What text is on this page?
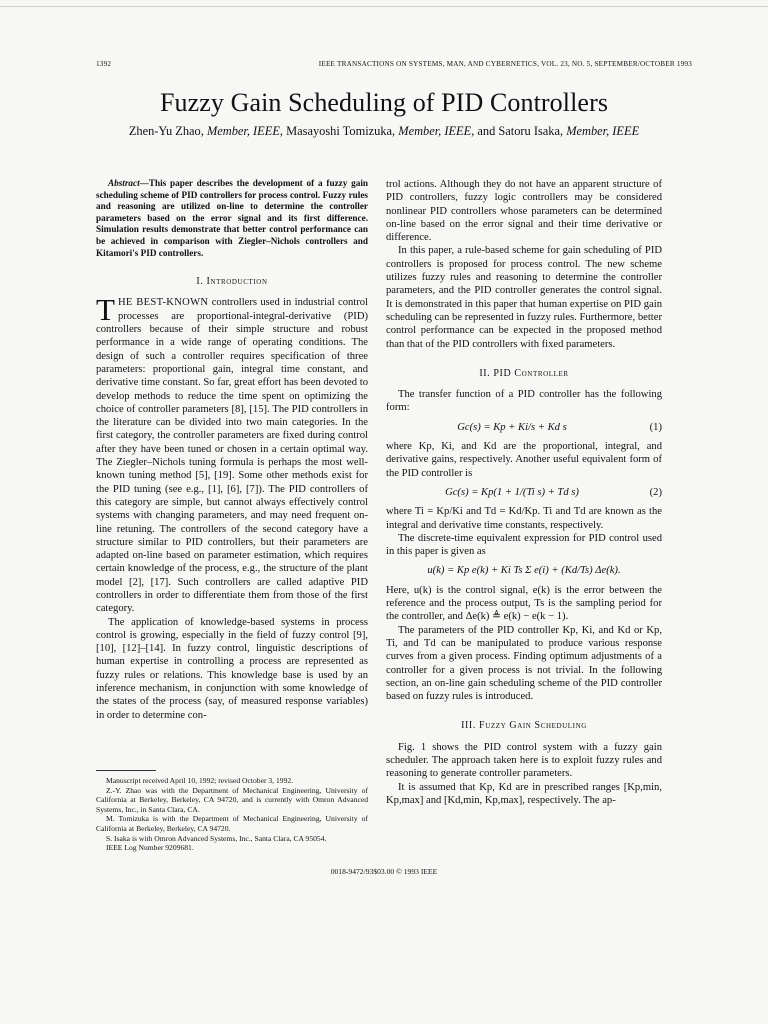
1392	IEEE TRANSACTIONS ON SYSTEMS, MAN, AND CYBERNETICS, VOL. 23, NO. 5, SEPTEMBER/OCTOBER 1993
Fuzzy Gain Scheduling of PID Controllers
Zhen-Yu Zhao, Member, IEEE, Masayoshi Tomizuka, Member, IEEE, and Satoru Isaka, Member, IEEE

Abstract—This paper describes the development of a fuzzy gain scheduling scheme of PID controllers for process control. Fuzzy rules and reasoning are utilized on-line to determine the controller parameters based on the error signal and its first difference. Simulation results demonstrate that better control performance can be achieved in comparison with Ziegler–Nichols controllers and Kitamori's PID controllers.

I. Introduction

THE BEST-KNOWN controllers used in industrial control processes are proportional-integral-derivative (PID) controllers because of their simple structure and robust performance in a wide range of operating conditions. The design of such a controller requires specification of three parameters: proportional gain, integral time constant, and derivative time constant. So far, great effort has been devoted to develop methods to reduce the time spent on optimizing the choice of controller parameters [8], [15]. The PID controllers in the literature can be divided into two main categories. In the first category, the controller parameters are fixed during control after they have been tuned or chosen in a certain optimal way. The Ziegler–Nichols tuning formula is perhaps the most well-known tuning method [5], [19]. Some other methods exist for the PID tuning (see e.g., [1], [6], [7]). The PID controllers of this category are simple, but cannot always effectively control systems with changing parameters, and may need frequent on-line retuning. The controllers of the second category have a structure similar to PID controllers, but their parameters are adapted on-line based on parameter estimation, which requires certain knowledge of the process, e.g., the structure of the plant model [2], [17]. Such controllers are called adaptive PID controllers in order to differentiate them from those of the first category.

The application of knowledge-based systems in process control is growing, especially in the field of fuzzy control [9], [10], [12]–[14]. In fuzzy control, linguistic descriptions of human expertise in controlling a process are represented as fuzzy rules or relations. This knowledge base is used by an inference mechanism, in conjunction with some knowledge of the states of the process (say, of measured response variables) in order to determine con-

trol actions. Although they do not have an apparent structure of PID controllers, fuzzy logic controllers may be considered nonlinear PID controllers whose parameters can be determined on-line based on the error signal and their time derivative or difference.

In this paper, a rule-based scheme for gain scheduling of PID controllers is proposed for process control. The new scheme utilizes fuzzy rules and reasoning to determine the controller parameters, and the PID controller generates the control signal. It is demonstrated in this paper that human expertise on PID gain scheduling can be represented in fuzzy rules. Furthermore, better control performance can be expected in the proposed method than that of the PID controllers with fixed parameters.

II. PID Controller

The transfer function of a PID controller has the following form:

Gc(s) = Kp + Ki/s + Kd s	(1)

where Kp, Ki, and Kd are the proportional, integral, and derivative gains, respectively. Another useful equivalent form of the PID controller is

Gc(s) = Kp(1 + 1/(Ti s) + Td s)	(2)

where Ti = Kp/Ki and Td = Kd/Kp. Ti and Td are known as the integral and derivative time constants, respectively.

The discrete-time equivalent expression for PID control used in this paper is given as

u(k) = Kp e(k) + Ki Ts Σ e(i) + (Kd/Ts) Δe(k).

Here, u(k) is the control signal, e(k) is the error between the reference and the process output, Ts is the sampling period for the controller, and Δe(k) ≜ e(k) − e(k − 1).

The parameters of the PID controller Kp, Ki, and Kd or Kp, Ti, and Td can be manipulated to produce various response curves from a given process. Finding optimum adjustments of a controller for a given process is not trivial. In the following section, an on-line gain scheduling scheme of the PID controller based on fuzzy rules is introduced.

III. Fuzzy Gain Scheduling

Fig. 1 shows the PID control system with a fuzzy gain scheduler. The approach taken here is to exploit fuzzy rules and reasoning to generate controller parameters.

It is assumed that Kp, Kd are in prescribed ranges [Kp,min, Kp,max] and [Kd,min, Kp,max], respectively. The ap-

Manuscript received April 10, 1992; revised October 3, 1992.

Z.-Y. Zhao was with the Department of Mechanical Engineering, University of California at Berkeley, Berkeley, CA 94720, and is currently with Omron Advanced Systems, Inc., in Santa Clara, CA.

M. Tomizuka is with the Department of Mechanical Engineering, University of California at Berkeley, Berkeley, CA 94720.

S. Isaka is with Omron Advanced Systems, Inc., Santa Clara, CA 95054.

IEEE Log Number 9209681.

0018-9472/93$03.00 © 1993 IEEE
